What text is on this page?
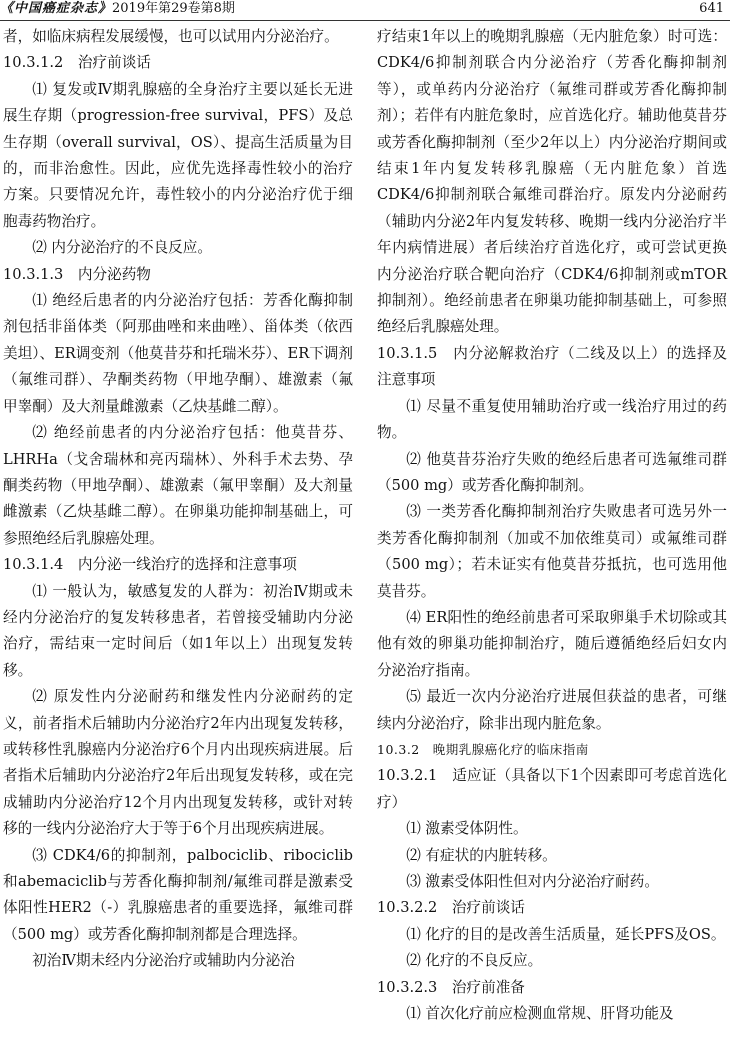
《中国癌症杂志》2019年第29卷第8期	641

者，如临床病程发展缓慢，也可以试用内分泌治疗。

10.3.1.2　治疗前谈话

⑴ 复发或Ⅳ期乳腺癌的全身治疗主要以延长无进展生存期（progression-free survival，PFS）及总生存期（overall survival，OS）、提高生活质量为目的，而非治愈性。因此，应优先选择毒性较小的治疗方案。只要情况允许，毒性较小的内分泌治疗优于细胞毒药物治疗。

⑵ 内分泌治疗的不良反应。

10.3.1.3　内分泌药物

⑴ 绝经后患者的内分泌治疗包括：芳香化酶抑制剂包括非甾体类（阿那曲唑和来曲唑）、甾体类（依西美坦）、ER调变剂（他莫昔芬和托瑞米芬）、ER下调剂（氟维司群）、孕酮类药物（甲地孕酮）、雄激素（氟甲睾酮）及大剂量雌激素（乙炔基雌二醇）。

⑵ 绝经前患者的内分泌治疗包括：他莫昔芬、LHRHa（戈舍瑞林和亮丙瑞林）、外科手术去势、孕酮类药物（甲地孕酮）、雄激素（氟甲睾酮）及大剂量雌激素（乙炔基雌二醇）。在卵巢功能抑制基础上，可参照绝经后乳腺癌处理。

10.3.1.4　内分泌一线治疗的选择和注意事项

⑴ 一般认为，敏感复发的人群为：初治Ⅳ期或未经内分泌治疗的复发转移患者，若曾接受辅助内分泌治疗，需结束一定时间后（如1年以上）出现复发转移。

⑵ 原发性内分泌耐药和继发性内分泌耐药的定义，前者指术后辅助内分泌治疗2年内出现复发转移，或转移性乳腺癌内分泌治疗6个月内出现疾病进展。后者指术后辅助内分泌治疗2年后出现复发转移，或在完成辅助内分泌治疗12个月内出现复发转移，或针对转移的一线内分泌治疗大于等于6个月出现疾病进展。

⑶ CDK4/6的抑制剂，palbociclib、ribociclib和abemaciclib与芳香化酶抑制剂/氟维司群是激素受体阳性HER2（-）乳腺癌患者的重要选择，氟维司群（500 mg）或芳香化酶抑制剂都是合理选择。

初治Ⅳ期未经内分泌治疗或辅助内分泌治

疗结束1年以上的晚期乳腺癌（无内脏危象）时可选：CDK4/6抑制剂联合内分泌治疗（芳香化酶抑制剂等），或单药内分泌治疗（氟维司群或芳香化酶抑制剂）；若伴有内脏危象时，应首选化疗。辅助他莫昔芬或芳香化酶抑制剂（至少2年以上）内分泌治疗期间或结束1年内复发转移乳腺癌（无内脏危象）首选CDK4/6抑制剂联合氟维司群治疗。原发内分泌耐药（辅助内分泌2年内复发转移、晚期一线内分泌治疗半年内病情进展）者后续治疗首选化疗，或可尝试更换内分泌治疗联合靶向治疗（CDK4/6抑制剂或mTOR抑制剂）。绝经前患者在卵巢功能抑制基础上，可参照绝经后乳腺癌处理。

10.3.1.5　内分泌解救治疗（二线及以上）的选择及注意事项

⑴ 尽量不重复使用辅助治疗或一线治疗用过的药物。

⑵ 他莫昔芬治疗失败的绝经后患者可选氟维司群（500 mg）或芳香化酶抑制剂。

⑶ 一类芳香化酶抑制剂治疗失败患者可选另外一类芳香化酶抑制剂（加或不加依维莫司）或氟维司群（500 mg）；若未证实有他莫昔芬抵抗，也可选用他莫昔芬。

⑷ ER阳性的绝经前患者可采取卵巢手术切除或其他有效的卵巢功能抑制治疗，随后遵循绝经后妇女内分泌治疗指南。

⑸ 最近一次内分泌治疗进展但获益的患者，可继续内分泌治疗，除非出现内脏危象。

10.3.2　晚期乳腺癌化疗的临床指南

10.3.2.1　适应证（具备以下1个因素即可考虑首选化疗）

⑴ 激素受体阴性。

⑵ 有症状的内脏转移。

⑶ 激素受体阳性但对内分泌治疗耐药。

10.3.2.2　治疗前谈话

⑴ 化疗的目的是改善生活质量，延长PFS及OS。

⑵ 化疗的不良反应。

10.3.2.3　治疗前准备

⑴ 首次化疗前应检测血常规、肝肾功能及
